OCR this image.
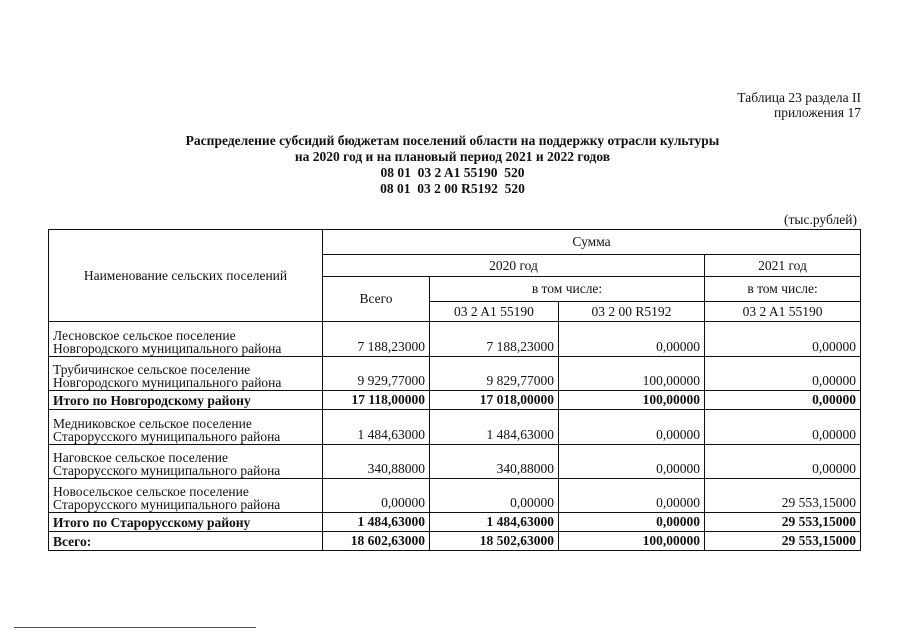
Таблица 23 раздела II
приложения 17
Распределение субсидий бюджетам поселений области на поддержку отрасли культуры
на 2020 год и на плановый период 2021 и 2022 годов
08 01  03 2 A1 55190  520
08 01  03 2 00 R5192  520
(тыс.рублей)
Наименование сельских поселений	Сумма			
	2020 год			2021 год
	Всего	в том числе:		в том числе:
		03 2 A1 55190	03 2 00 R5192	03 2 A1 55190

Лесновское сельское поселение
Новгородского муниципального района	7 188,23000	7 188,23000	0,00000	0,00000

Трубичинское сельское поселение
Новгородского муниципального района	9 929,77000	9 829,77000	100,00000	0,00000
Итого по Новгородскому району	17 118,00000	17 018,00000	100,00000	0,00000

Медниковское сельское поселение
Старорусского муниципального района	1 484,63000	1 484,63000	0,00000	0,00000

Наговское сельское поселение
Старорусского муниципального района	340,88000	340,88000	0,00000	0,00000

Новосельское сельское поселение
Старорусского муниципального района	0,00000	0,00000	0,00000	29 553,15000
Итого по Старорусскому району	1 484,63000	1 484,63000	0,00000	29 553,15000
Всего:	18 602,63000	18 502,63000	100,00000	29 553,15000
